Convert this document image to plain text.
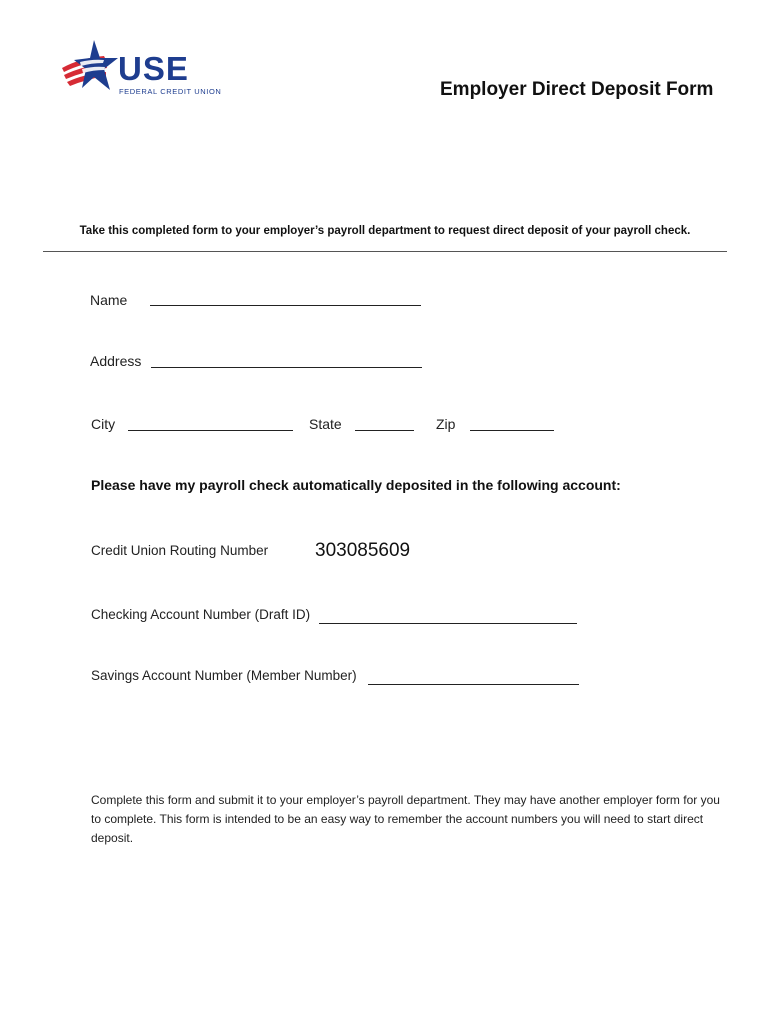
USE
FEDERAL CREDIT UNION	Employer Direct Deposit Form
Take this completed form to your employer’s payroll department to request direct deposit of your payroll check.
Name
Address
City	State	Zip
Please have my payroll check automatically deposited in the following account:
Credit Union Routing Number 303085609
Checking Account Number (Draft ID)
Savings Account Number (Member Number)
Complete this form and submit it to your employer’s payroll department. They may have another employer form for you to complete. This form is intended to be an easy way to remember the account numbers you will need to start direct deposit.
